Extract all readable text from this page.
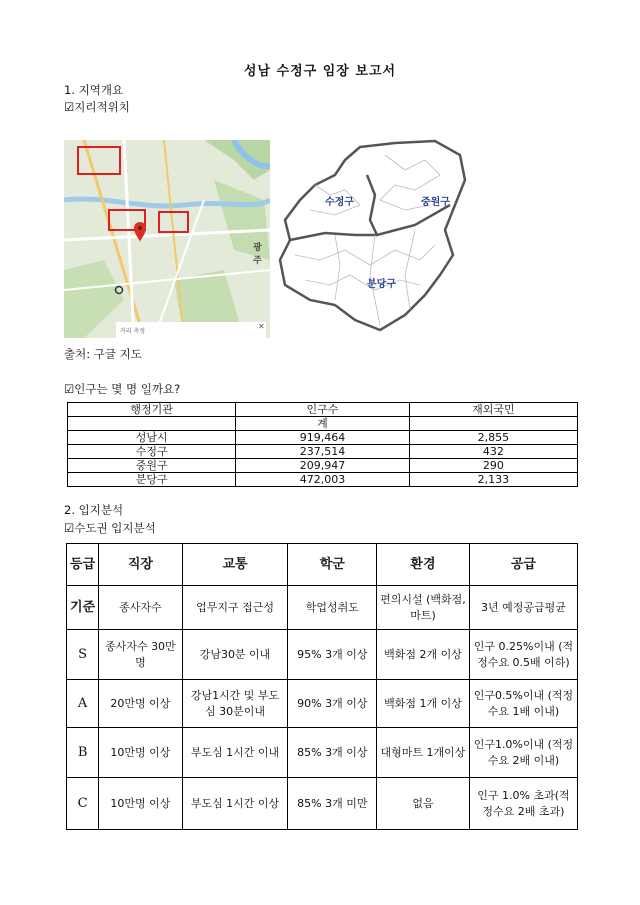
성남 수정구 임장 보고서
1. 지역개요
☑지리적위치
광주
거리 측정
✕
수정구	중원구
분당구
출처: 구글 지도
☑인구는 몇 명 일까요?
행정기관	인구수	재외국민
	계	
성남시	919,464	2,855
수정구	237,514	432
중원구	209,947	290
분당구	472,003	2,133
2. 입지분석
☑수도권 입지분석
등급	직장	교통	학군	환경	공급
기준	종사자수	업무지구 접근성	학업성취도	편의시설 (백화점,마트)	3년 예정공급평균
S	종사자수 30만명	강남30분 이내	95% 3개 이상	백화점 2개 이상	인구 0.25%이내 (적정수요 0.5배 이하)
A	20만명 이상	강남1시간 및 부도심 30분이내	90% 3개 이상	백화점 1개 이상	인구0.5%이내 (적정수요 1배 이내)
B	10만명 이상	부도심 1시간 이내	85% 3개 이상	대형마트 1개이상	인구1.0%이내 (적정수요 2배 이내)
C	10만명 이상	부도심 1시간 이상	85% 3개 미만	없음	인구 1.0% 초과(적정수요 2배 초과)
